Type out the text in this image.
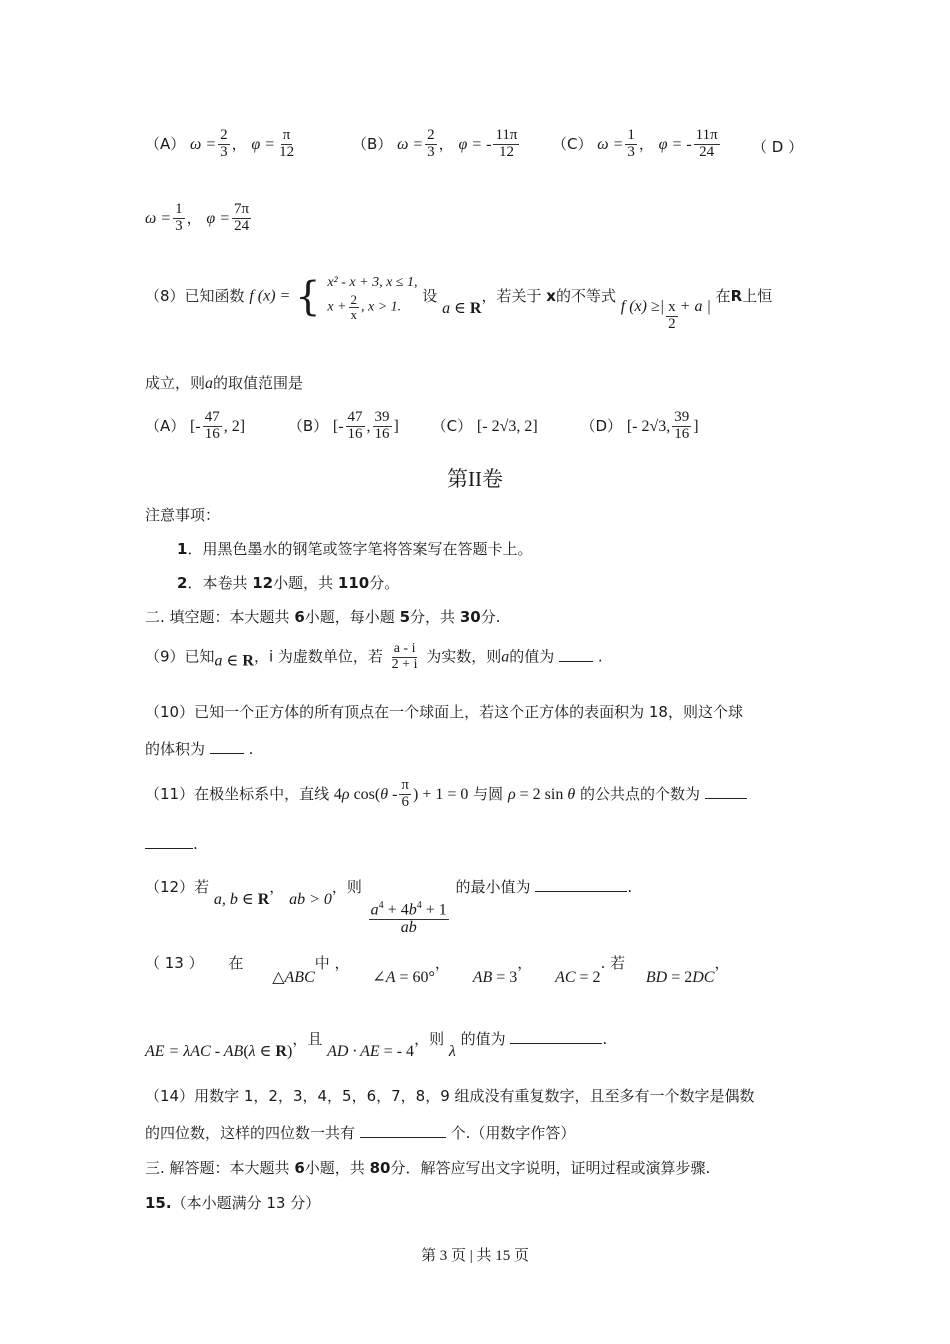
（A） $\omega = \frac{2}{3}$ ， $\varphi = \frac{\pi}{12}$	（B） $\omega = \frac{2}{3}$ ， φ = - $\frac{11\pi}{12} (C) \omega = \frac{1}{3}$ ， φ = - $\frac{11\pi}{24}$ （ D ）
$\omega = \frac{1}{3}$ ， $\varphi = \frac{7\pi}{24}$
（8）已知函数 f (x) = { x² - x + 3, x ≤ 1,
$x + \frac{2}{x}$ , x > 1.
设 a ∈ R，若关于 x的不等式 f (x) ≥| $\frac{x}{2} + a$ | 在R上恒
成立，则a的取值范围是
（A） [- $\frac{47}{16}$ , 2]	（B） [- $\frac{47}{16}$ , $\frac{39}{16}$ ] （C） [- 2√3, 2]	（D） [- 2√3, $\frac{39}{16}$ ]
第II卷
注意事项：
1．用黑色墨水的钢笔或签字笔将答案写在答题卡上。
2．本卷共 12小题，共 110分。
二. 填空题：本大题共 6小题，每小题 5分，共 30分.
（9）已知a ∈ R，i 为虚数单位，若 $\frac{a - i}{2 + i}$ 为实数，则a的值为	.
（10）已知一个正方体的所有顶点在一个球面上，若这个正方体的表面积为 18，则这个球
的体积为	.
（11）在极坐标系中，直线 4ρ $\cos(\theta - \frac{\pi}{6}$ ) + 1 = 0 与圆 ρ = 2 sin θ 的公共点的个数为
.
（12）若 a, b ∈ R， ab > 0，则
$\frac{a^4 + 4b^4 + 1}{ab}$
的最小值为	.
（ 13 ） 在 △ABC中 ， ∠A = 60°， AB = 3， AC = 2. 若 BD = 2DC，
AE = λAC - AB(λ ∈ R)，且 AD · AE = - 4，则 λ 的值为	.
（14）用数字 1，2，3，4，5，6，7，8，9 组成没有重复数字，且至多有一个数字是偶数
的四位数，这样的四位数一共有	个.（用数字作答）
三. 解答题：本大题共 6小题，共 80分．解答应写出文字说明，证明过程或演算步骤.
15.（本小题满分 13 分）
第 3 页 | 共 15 页
